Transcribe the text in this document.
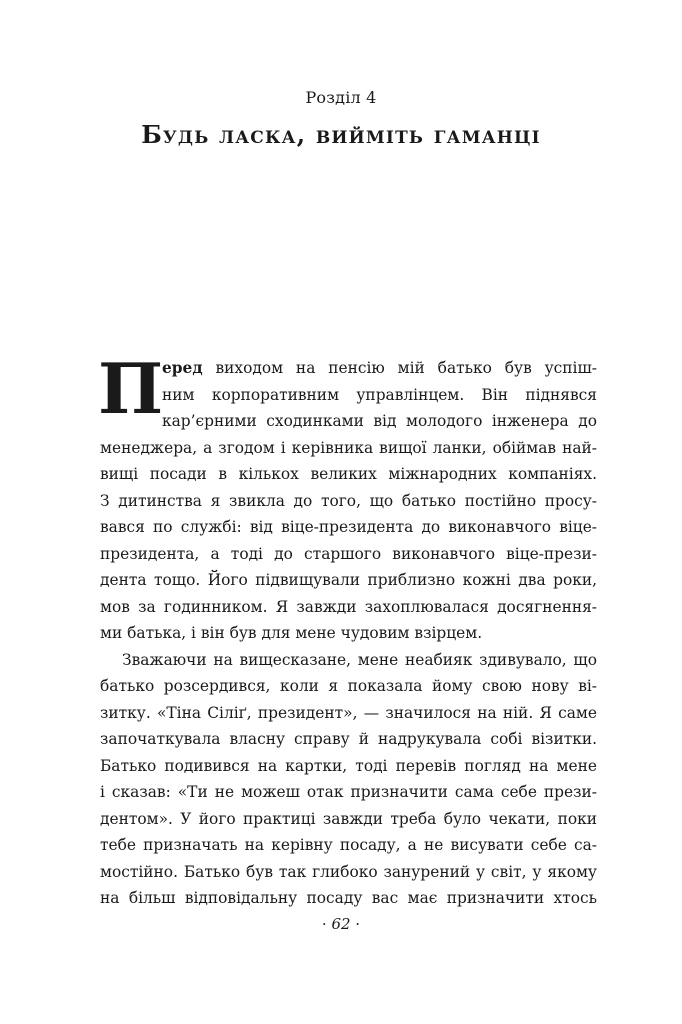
Розділ 4
Будь ласка, вийміть гаманці
П
еред виходом на пенсію мій батько був успіш-
ним корпоративним управлінцем. Він піднявся
кар’єрними сходинками від молодого інженера до
менеджера, а згодом і керівника вищої ланки, обіймав най-
вищі посади в кількох великих міжнародних компаніях.
З дитинства я звикла до того, що батько постійно просу-
вався по службі: від віце-президента до виконавчого віце-
президента, а тоді до старшого виконавчого віце-прези-
дента тощо. Його підвищували приблизно кожні два роки,
мов за годинником. Я завжди захоплювалася досягнення-
ми батька, і він був для мене чудовим взірцем.
Зважаючи на вищесказане, мене неабияк здивувало, що
батько розсердився, коли я показала йому свою нову ві-
зитку. «Тіна Сіліґ, президент», — значилося на ній. Я саме
започаткувала власну справу й надрукувала собі візитки.
Батько подивився на картки, тоді перевів погляд на мене
і сказав: «Ти не можеш отак призначити сама себе прези-
дентом». У його практиці завжди треба було чекати, поки
тебе призначать на керівну посаду, а не висувати себе са-
мостійно. Батько був так глибоко занурений у світ, у якому
на більш відповідальну посаду вас має призначити хтось
· 62 ·
